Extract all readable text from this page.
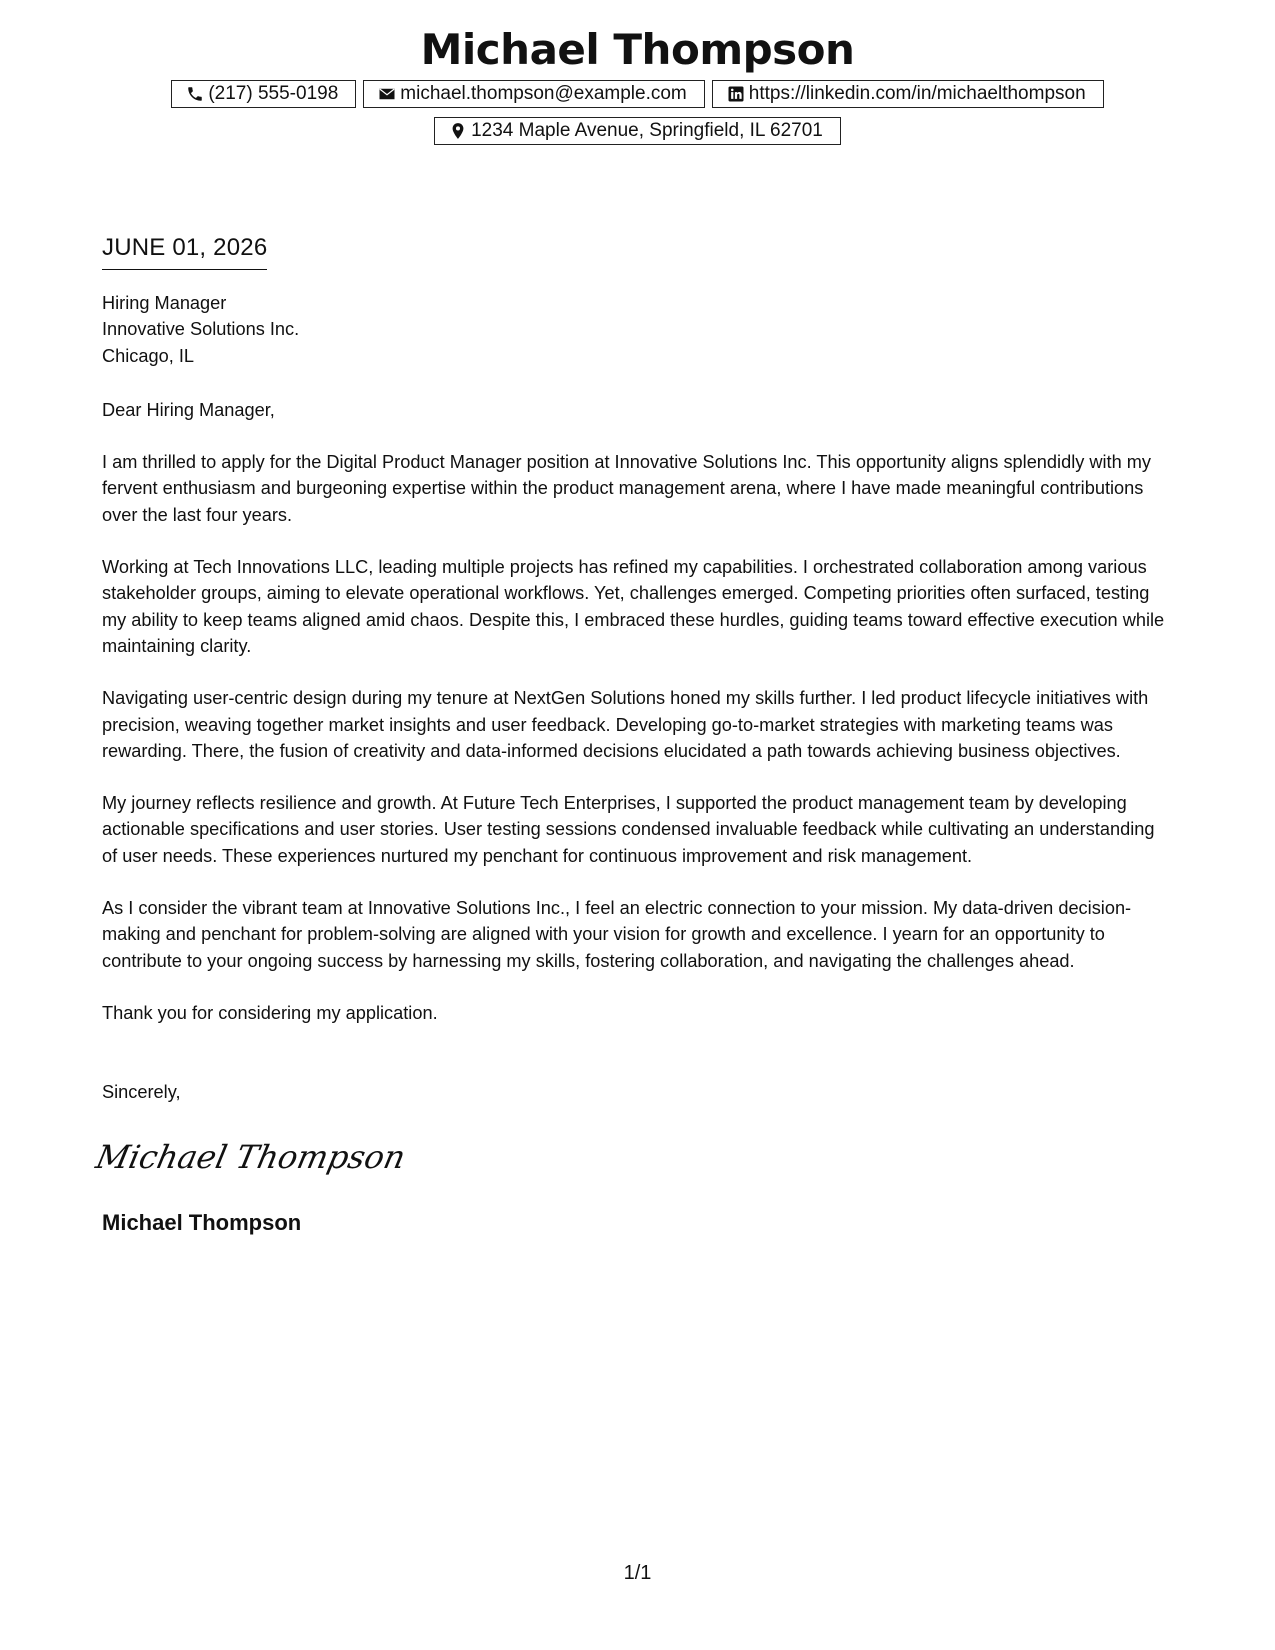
Michael Thompson
(217) 555-0198	michael.thompson@example.com	https://linkedin.com/in/michaelthompson
1234 Maple Avenue, Springfield, IL 62701
JUNE 01, 2026
Hiring Manager
Innovative Solutions Inc.
Chicago, IL
Dear Hiring Manager,

I am thrilled to apply for the Digital Product Manager position at Innovative Solutions Inc. This opportunity aligns splendidly with my fervent enthusiasm and burgeoning expertise within the product management arena, where I have made meaningful contributions over the last four years.

Working at Tech Innovations LLC, leading multiple projects has refined my capabilities. I orchestrated collaboration among various stakeholder groups, aiming to elevate operational workflows. Yet, challenges emerged. Competing priorities often surfaced, testing my ability to keep teams aligned amid chaos. Despite this, I embraced these hurdles, guiding teams toward effective execution while maintaining clarity.

Navigating user-centric design during my tenure at NextGen Solutions honed my skills further. I led product lifecycle initiatives with precision, weaving together market insights and user feedback. Developing go-to-market strategies with marketing teams was rewarding. There, the fusion of creativity and data-informed decisions elucidated a path towards achieving business objectives.

My journey reflects resilience and growth. At Future Tech Enterprises, I supported the product management team by developing actionable specifications and user stories. User testing sessions condensed invaluable feedback while cultivating an understanding of user needs. These experiences nurtured my penchant for continuous improvement and risk management.

As I consider the vibrant team at Innovative Solutions Inc., I feel an electric connection to your mission. My data-driven decision-making and penchant for problem-solving are aligned with your vision for growth and excellence. I yearn for an opportunity to contribute to your ongoing success by harnessing my skills, fostering collaboration, and navigating the challenges ahead.

Thank you for considering my application.
Sincerely,
Michael Thompson
Michael Thompson
1/1
